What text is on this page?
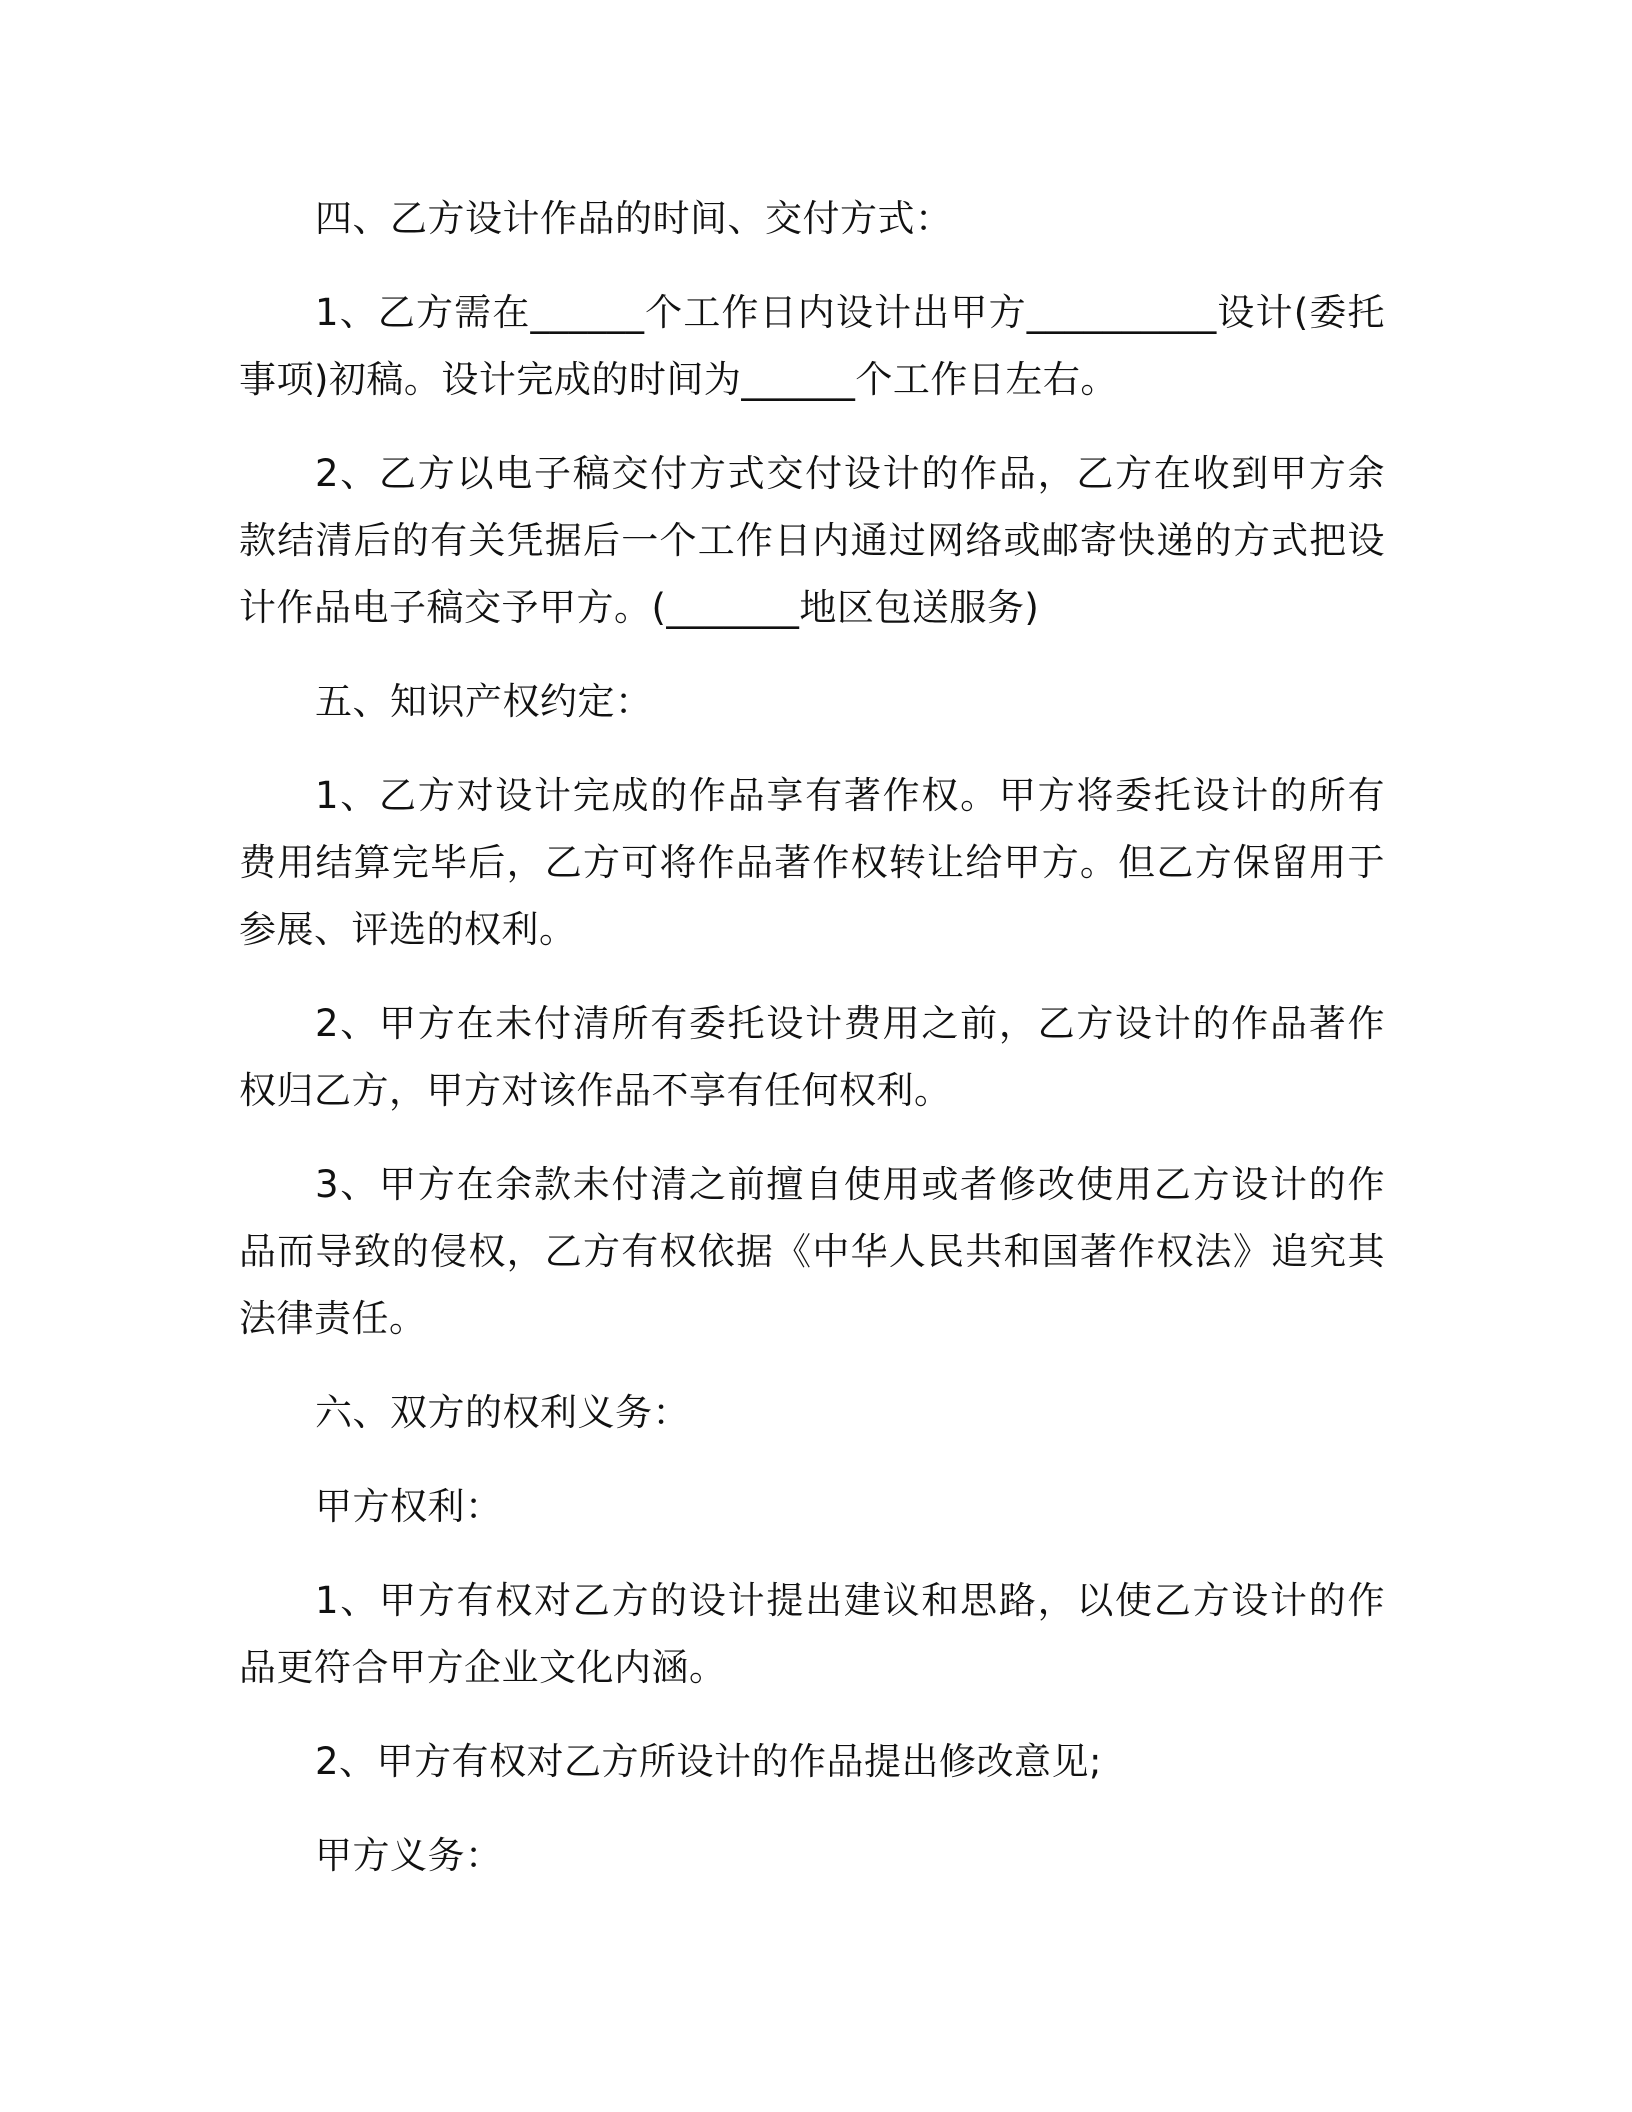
四、乙方设计作品的时间、交付方式：

1、乙方需在______个工作日内设计出甲方__________设计(委托事项)初稿。设计完成的时间为______个工作日左右。

2、乙方以电子稿交付方式交付设计的作品，乙方在收到甲方余款结清后的有关凭据后一个工作日内通过网络或邮寄快递的方式把设计作品电子稿交予甲方。(_______地区包送服务)

五、知识产权约定：

1、乙方对设计完成的作品享有著作权。甲方将委托设计的所有费用结算完毕后，乙方可将作品著作权转让给甲方。但乙方保留用于参展、评选的权利。

2、甲方在未付清所有委托设计费用之前，乙方设计的作品著作权归乙方，甲方对该作品不享有任何权利。

3、甲方在余款未付清之前擅自使用或者修改使用乙方设计的作品而导致的侵权，乙方有权依据《中华人民共和国著作权法》追究其法律责任。

六、双方的权利义务：

甲方权利：

1、甲方有权对乙方的设计提出建议和思路，以使乙方设计的作品更符合甲方企业文化内涵。

2、甲方有权对乙方所设计的作品提出修改意见;

甲方义务：
